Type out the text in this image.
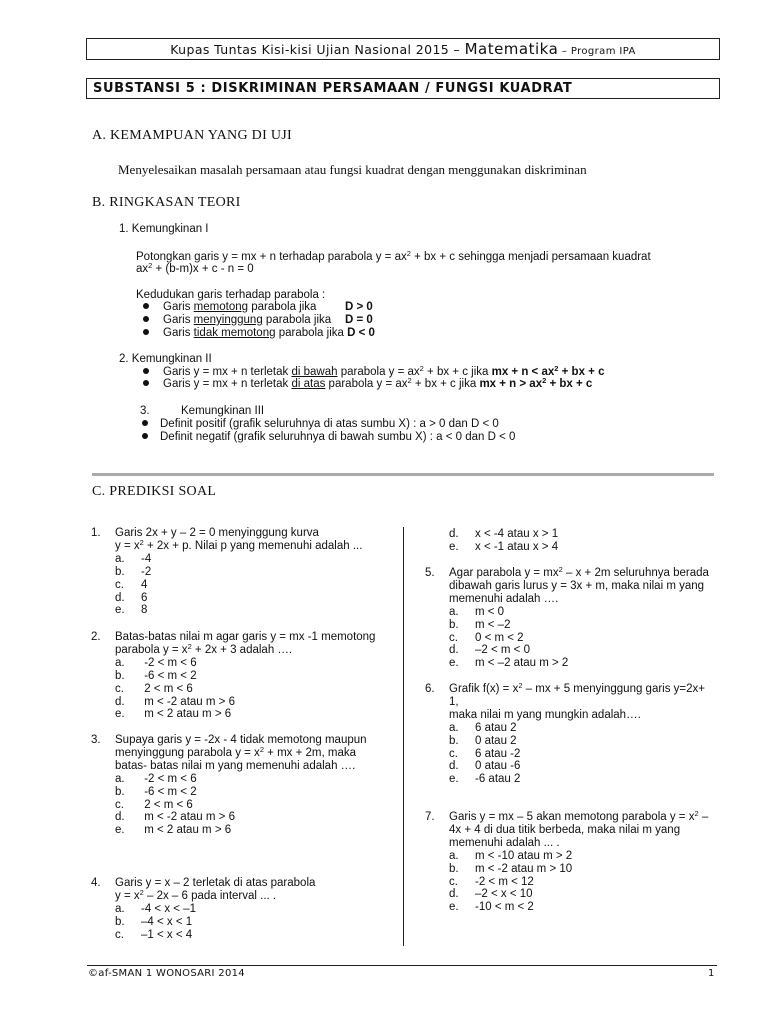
Kupas Tuntas Kisi-kisi Ujian Nasional 2015 – Matematika – Program IPA
SUBSTANSI 5 : DISKRIMINAN PERSAMAAN / FUNGSI KUADRAT
A. KEMAMPUAN YANG DI UJI
Menyelesaikan masalah persamaan atau fungsi kuadrat dengan menggunakan diskriminan
B. RINGKASAN TEORI
1. Kemungkinan I
Potongkan garis y = mx + n terhadap parabola $y = ax^2$ + bx + c sehingga menjadi persamaan kuadrat
$ax^2 + (b-m)x + c - n = 0$
Kedudukan garis terhadap parabola :
Garis memotong parabola jika D > 0
Garis menyinggung parabola jika D = 0
Garis tidak memotong parabola jika D < 0
2. Kemungkinan II
Garis y = mx + n terletak di bawah parabola $y = ax^2$ + bx + c jika mx + $n < ax^2$ + bx + c
Garis y = mx + n terletak di atas parabola $y = ax^2$ + bx + c jika mx + $n > ax^2$ + bx + c
3.	Kemungkinan III
Definit positif (grafik seluruhnya di atas sumbu X) : a > 0 dan D < 0
Definit negatif (grafik seluruhnya di bawah sumbu X) : a < 0 dan D < 0
C. PREDIKSI SOAL
1. Garis 2x + y – 2 = 0 menyinggung kurva
$y = x^2 + 2x + p$. Nilai p yang memenuhi adalah ...
a. -4
b. -2
c. 4
d. 6
e. 8
2. Batas-batas nilai m agar garis y = mx -1 memotong
parabola $y = x^2 + 2x + 3$ adalah ….
a. -2 < m < 6
b. -6 < m < 2
c. 2 < m < 6
d. m < -2 atau m > 6
e. m < 2 atau m > 6
3. Supaya garis y = -2x - 4 tidak memotong maupun
menyinggung parabola $y = x^2$ + mx + 2m, maka
batas- batas nilai m yang memenuhi adalah ….
a. -2 < m < 6
b. -6 < m < 2
c. 2 < m < 6
d. m < -2 atau m > 6
e. m < 2 atau m > 6
4. Garis y = x – 2 terletak di atas parabola
$y = x^2 - 2x - 6$ pada interval ... .
a. -4 < x < –1
b. –4 < x < 1
c. –1 < x < 4
d. x < -4 atau x > 1
e. x < -1 atau x > 4
5. Agar parabola $y = mx^2 - x + 2m$ seluruhnya berada
dibawah garis lurus y = 3x + m, maka nilai m yang
memenuhi adalah ….
a. m < 0
b. m < –2
c. 0 < m < 2
d. –2 < m < 0
e. m < –2 atau m > 2
6. Grafik $f(x) = x^2$ – mx + 5 menyinggung garis y=2x+ 1,
maka nilai m yang mungkin adalah….
a. 6 atau 2
b. 0 atau 2
c. 6 atau -2
d. 0 atau -6
e. -6 atau 2
7. Garis y = mx – 5 akan memotong parabola $y = x^2$ –
4x + 4 di dua titik berbeda, maka nilai m yang
memenuhi adalah ... .
a. m < -10 atau m > 2
b. m < -2 atau m > 10
c. -2 < m < 12
d. –2 < x < 10
e. -10 < m < 2
©af-SMAN 1 WONOSARI 2014	1
